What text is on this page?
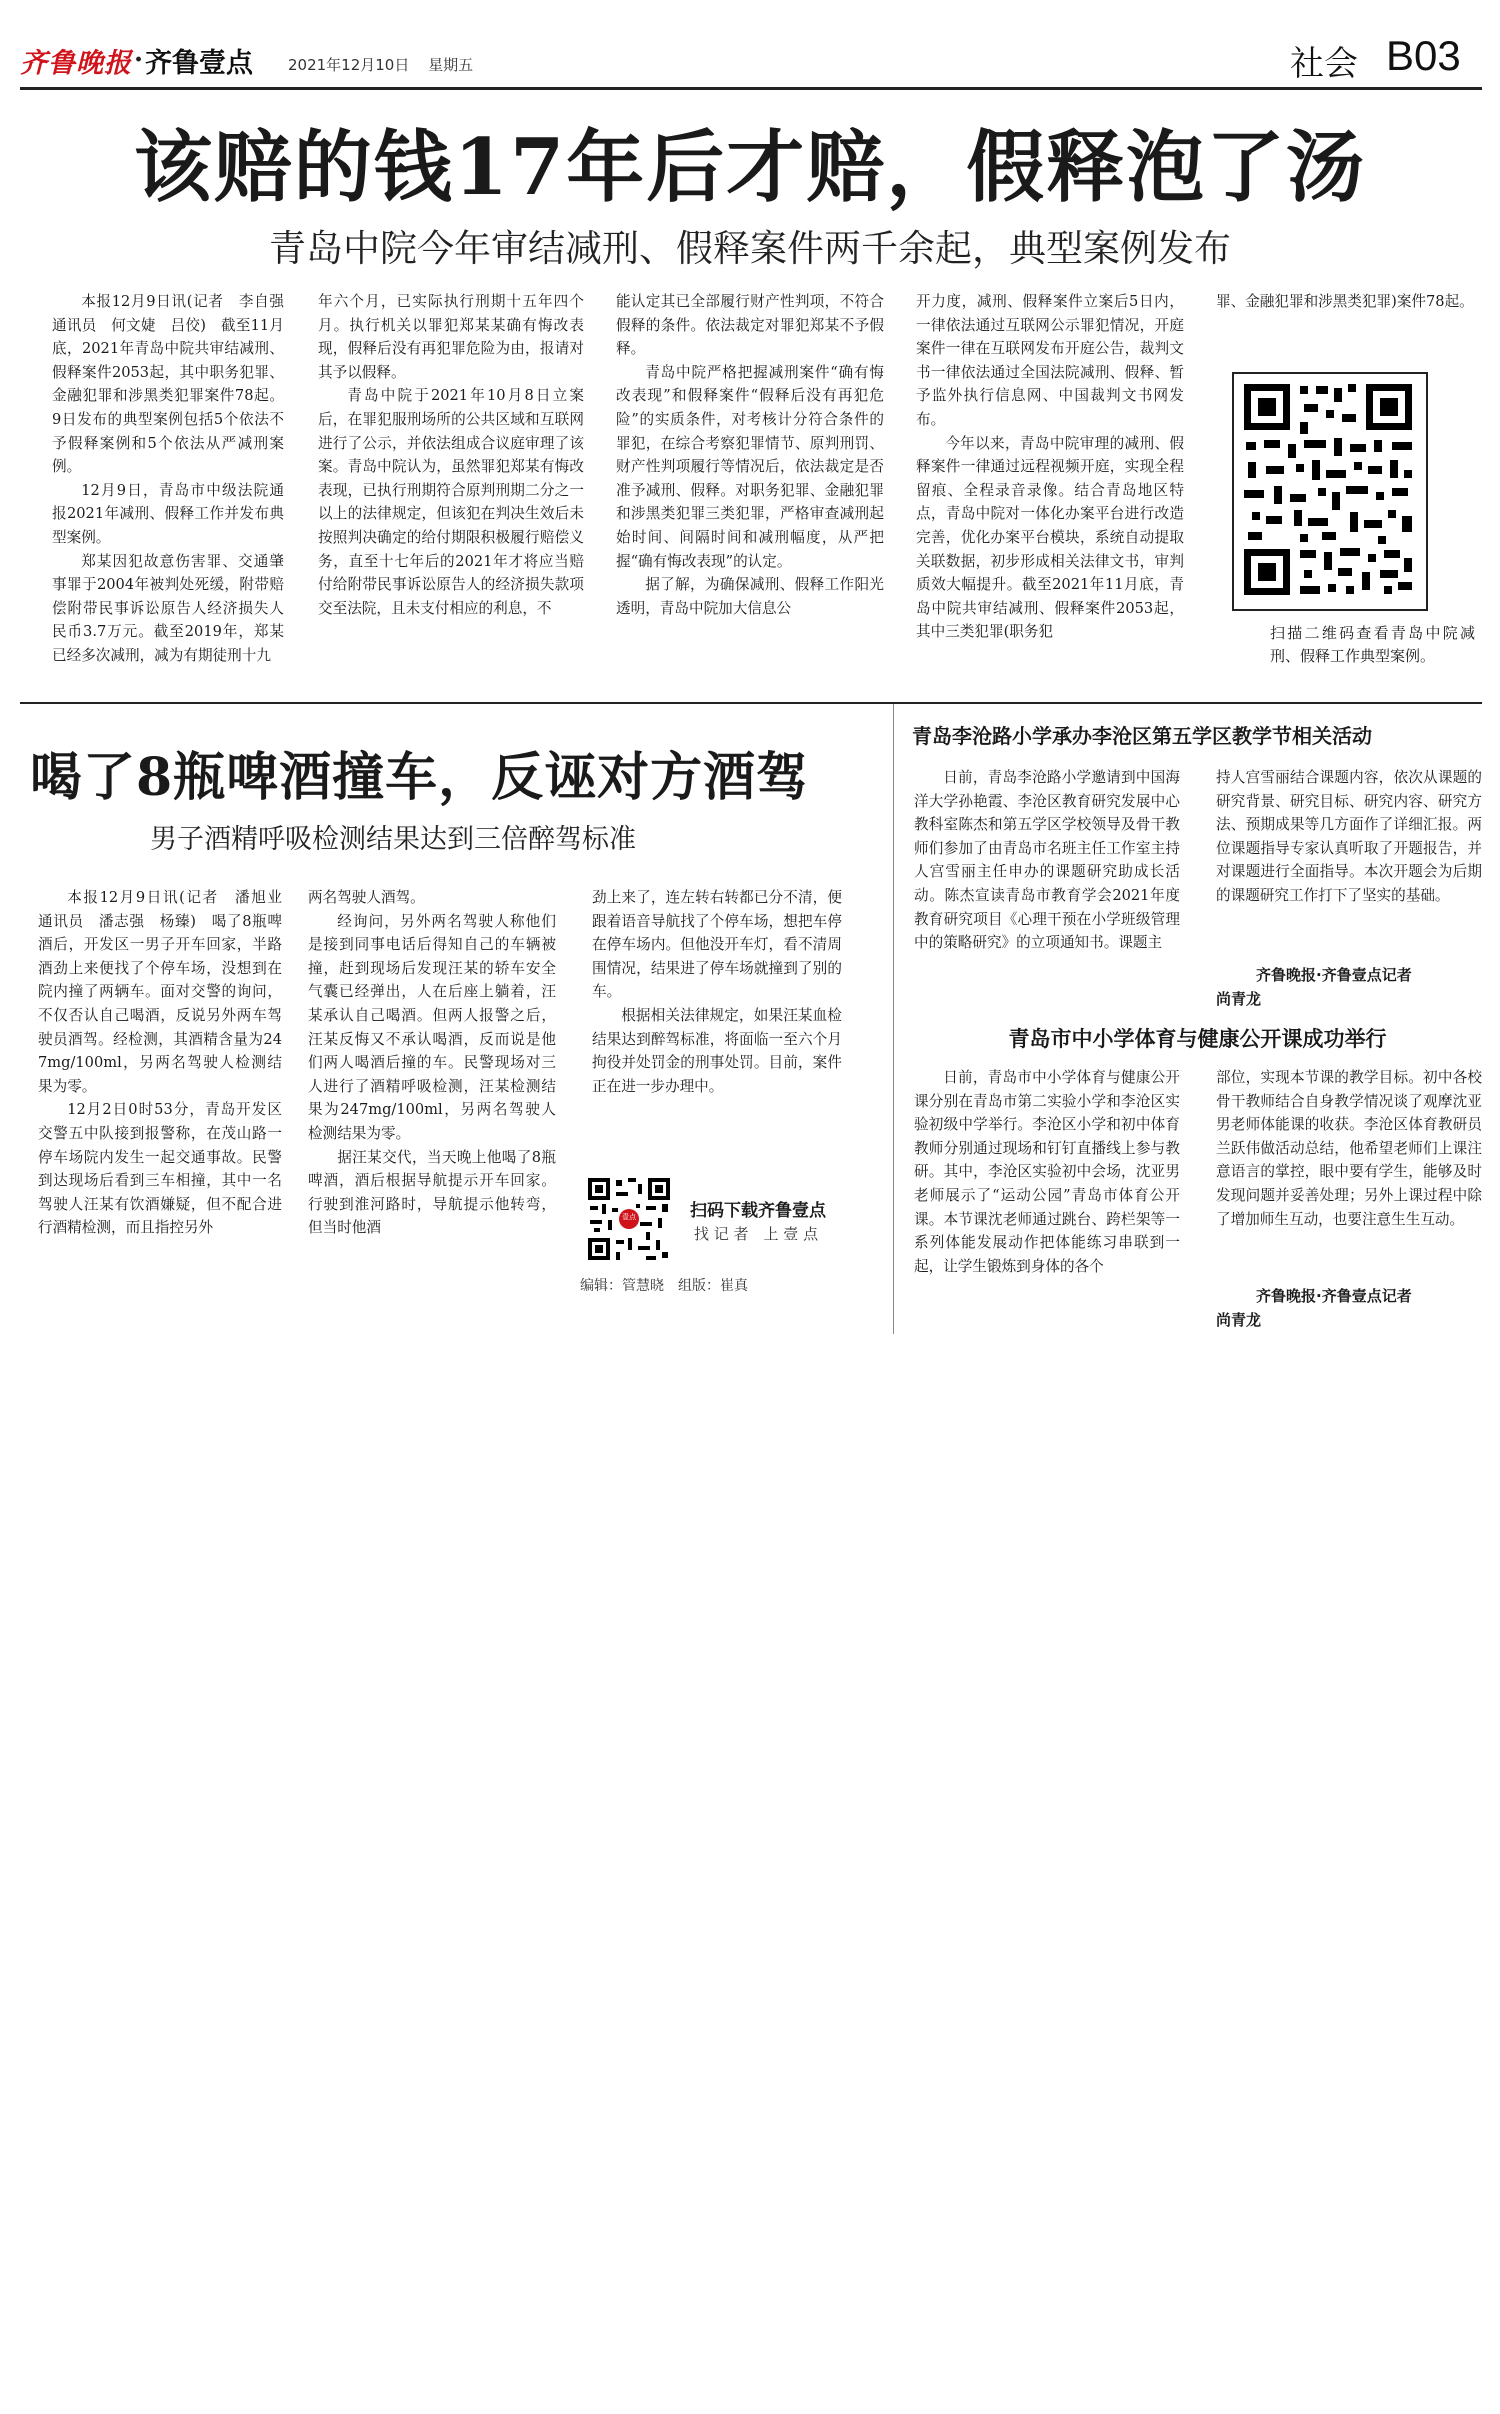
齐鲁晚报 · 齐鲁壹点 2021年12月10日 星期五	社会 B03
该赔的钱17年后才赔，假释泡了汤
青岛中院今年审结减刑、假释案件两千余起，典型案例发布

本报12月9日讯(记者　李自强　通讯员　何文婕　吕佼)　截至11月底，2021年青岛中院共审结减刑、假释案件2053起，其中职务犯罪、金融犯罪和涉黑类犯罪案件78起。9日发布的典型案例包括5个依法不予假释案例和5个依法从严减刑案例。

12月9日，青岛市中级法院通报2021年减刑、假释工作并发布典型案例。

郑某因犯故意伤害罪、交通肇事罪于2004年被判处死缓，附带赔偿附带民事诉讼原告人经济损失人民币3.7万元。截至2019年，郑某已经多次减刑，减为有期徒刑十九

年六个月，已实际执行刑期十五年四个月。执行机关以罪犯郑某某确有悔改表现，假释后没有再犯罪危险为由，报请对其予以假释。

青岛中院于2021年10月8日立案后，在罪犯服刑场所的公共区域和互联网进行了公示，并依法组成合议庭审理了该案。青岛中院认为，虽然罪犯郑某有悔改表现，已执行刑期符合原判刑期二分之一以上的法律规定，但该犯在判决生效后未按照判决确定的给付期限积极履行赔偿义务，直至十七年后的2021年才将应当赔付给附带民事诉讼原告人的经济损失款项交至法院，且未支付相应的利息，不

能认定其已全部履行财产性判项，不符合假释的条件。依法裁定对罪犯郑某不予假释。

青岛中院严格把握减刑案件“确有悔改表现”和假释案件“假释后没有再犯危险”的实质条件，对考核计分符合条件的罪犯，在综合考察犯罪情节、原判刑罚、财产性判项履行等情况后，依法裁定是否准予减刑、假释。对职务犯罪、金融犯罪和涉黑类犯罪三类犯罪，严格审查减刑起始时间、间隔时间和减刑幅度，从严把握“确有悔改表现”的认定。

据了解，为确保减刑、假释工作阳光透明，青岛中院加大信息公

开力度，减刑、假释案件立案后5日内，一律依法通过互联网公示罪犯情况，开庭案件一律在互联网发布开庭公告，裁判文书一律依法通过全国法院减刑、假释、暂予监外执行信息网、中国裁判文书网发布。

今年以来，青岛中院审理的减刑、假释案件一律通过远程视频开庭，实现全程留痕、全程录音录像。结合青岛地区特点，青岛中院对一体化办案平台进行改造完善，优化办案平台模块，系统自动提取关联数据，初步形成相关法律文书，审判质效大幅提升。截至2021年11月底，青岛中院共审结减刑、假释案件2053起，其中三类犯罪(职务犯

罪、金融犯罪和涉黑类犯罪)案件78起。

扫描二维码查看青岛中院减刑、假释工作典型案例。
喝了8瓶啤酒撞车，反诬对方酒驾
男子酒精呼吸检测结果达到三倍醉驾标准

本报12月9日讯(记者　潘旭业　通讯员　潘志强　杨臻)　喝了8瓶啤酒后，开发区一男子开车回家，半路酒劲上来便找了个停车场，没想到在院内撞了两辆车。面对交警的询问，不仅否认自己喝酒，反说另外两车驾驶员酒驾。经检测，其酒精含量为247mg/100ml，另两名驾驶人检测结果为零。

12月2日0时53分，青岛开发区交警五中队接到报警称，在茂山路一停车场院内发生一起交通事故。民警到达现场后看到三车相撞，其中一名驾驶人汪某有饮酒嫌疑，但不配合进行酒精检测，而且指控另外

两名驾驶人酒驾。

经询问，另外两名驾驶人称他们是接到同事电话后得知自己的车辆被撞，赶到现场后发现汪某的轿车安全气囊已经弹出，人在后座上躺着，汪某承认自己喝酒。但两人报警之后，汪某反悔又不承认喝酒，反而说是他们两人喝酒后撞的车。民警现场对三人进行了酒精呼吸检测，汪某检测结果为247mg/100ml，另两名驾驶人检测结果为零。

据汪某交代，当天晚上他喝了8瓶啤酒，酒后根据导航提示开车回家。行驶到淮河路时，导航提示他转弯，但当时他酒

劲上来了，连左转右转都已分不清，便跟着语音导航找了个停车场，想把车停在停车场内。但他没开车灯，看不清周围情况，结果进了停车场就撞到了别的车。

根据相关法律规定，如果汪某血检结果达到醉驾标准，将面临一至六个月拘役并处罚金的刑事处罚。目前，案件正在进一步办理中。

壹点	扫码下载齐鲁壹点
找 记 者　上 壹 点
编辑：管慧晓　组版：崔真
青岛李沧路小学承办李沧区第五学区教学节相关活动

日前，青岛李沧路小学邀请到中国海洋大学孙艳霞、李沧区教育研究发展中心教科室陈杰和第五学区学校领导及骨干教师们参加了由青岛市名班主任工作室主持人宫雪丽主任申办的课题研究助成长活动。陈杰宣读青岛市教育学会2021年度教育研究项目《心理干预在小学班级管理中的策略研究》的立项通知书。课题主

持人宫雪丽结合课题内容，依次从课题的研究背景、研究目标、研究内容、研究方法、预期成果等几方面作了详细汇报。两位课题指导专家认真听取了开题报告，并对课题进行全面指导。本次开题会为后期的课题研究工作打下了坚实的基础。

齐鲁晚报·齐鲁壹点记者
尚青龙
青岛市中小学体育与健康公开课成功举行

日前，青岛市中小学体育与健康公开课分别在青岛市第二实验小学和李沧区实验初级中学举行。李沧区小学和初中体育教师分别通过现场和钉钉直播线上参与教研。其中，李沧区实验初中会场，沈亚男老师展示了“运动公园”青岛市体育公开课。本节课沈老师通过跳台、跨栏架等一系列体能发展动作把体能练习串联到一起，让学生锻炼到身体的各个

部位，实现本节课的教学目标。初中各校骨干教师结合自身教学情况谈了观摩沈亚男老师体能课的收获。李沧区体育教研员兰跃伟做活动总结，他希望老师们上课注意语言的掌控，眼中要有学生，能够及时发现问题并妥善处理；另外上课过程中除了增加师生互动，也要注意生生互动。

齐鲁晚报·齐鲁壹点记者
尚青龙
